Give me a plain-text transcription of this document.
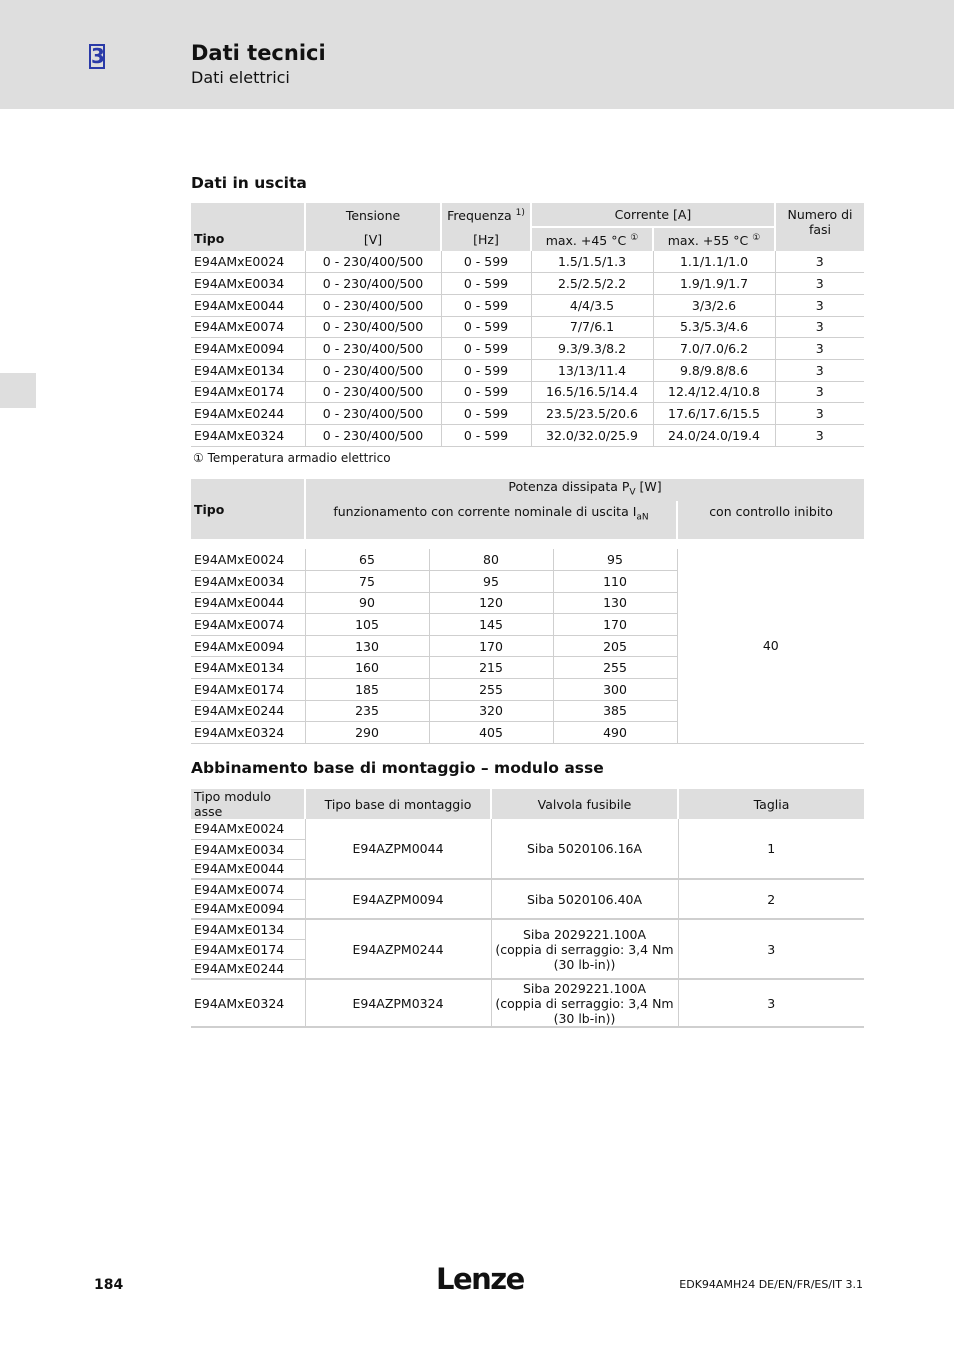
3	Dati tecnici
Dati elettrici
Dati in uscita
Tipo	Tensione	Frequenza $^{1)}$	Corrente [A]		Numero di fasi
	[V]	[Hz]	max. +45 °C ①	max. +55 °C ①
E94AMxE0024	0 - 230/400/500	0 - 599	1.5/1.5/1.3	1.1/1.1/1.0	3
E94AMxE0034	0 - 230/400/500	0 - 599	2.5/2.5/2.2	1.9/1.9/1.7	3
E94AMxE0044	0 - 230/400/500	0 - 599	4/4/3.5	3/3/2.6	3
E94AMxE0074	0 - 230/400/500	0 - 599	7/7/6.1	5.3/5.3/4.6	3
E94AMxE0094	0 - 230/400/500	0 - 599	9.3/9.3/8.2	7.0/7.0/6.2	3
E94AMxE0134	0 - 230/400/500	0 - 599	13/13/11.4	9.8/9.8/8.6	3
E94AMxE0174	0 - 230/400/500	0 - 599	16.5/16.5/14.4	12.4/12.4/10.8	3
E94AMxE0244	0 - 230/400/500	0 - 599	23.5/23.5/20.6	17.6/17.6/15.5	3
E94AMxE0324	0 - 230/400/500	0 - 599	32.0/32.0/25.9	24.0/24.0/19.4	3
① Temperatura armadio elettrico
Tipo	Potenza dissipata $P_V$ [W]			
	funzionamento con corrente nominale di uscita $I_{aN}$			con controllo inibito

E94AMxE0024	65	80	95	40
E94AMxE0034	75	95	110	
E94AMxE0044	90	120	130	
E94AMxE0074	105	145	170	
E94AMxE0094	130	170	205	
E94AMxE0134	160	215	255	
E94AMxE0174	185	255	300	
E94AMxE0244	235	320	385	
E94AMxE0324	290	405	490	
Abbinamento base di montaggio – modulo asse
Tipo modulo asse	Tipo base di montaggio	Valvola fusibile	Taglia
E94AMxE0024	E94AZPM0044	Siba 5020106.16A	1
E94AMxE0034			
E94AMxE0044			
E94AMxE0074	E94AZPM0094	Siba 5020106.40A	2
E94AMxE0094			
E94AMxE0134	E94AZPM0244	Siba 2029221.100A
(coppia di serraggio: 3,4 Nm
(30 lb-in))	3
E94AMxE0174			
E94AMxE0244			
E94AMxE0324	E94AZPM0324	Siba 2029221.100A
(coppia di serraggio: 3,4 Nm
(30 lb-in))	3
184	Lenze	EDK94AMH24 DE/EN/FR/ES/IT 3.1
